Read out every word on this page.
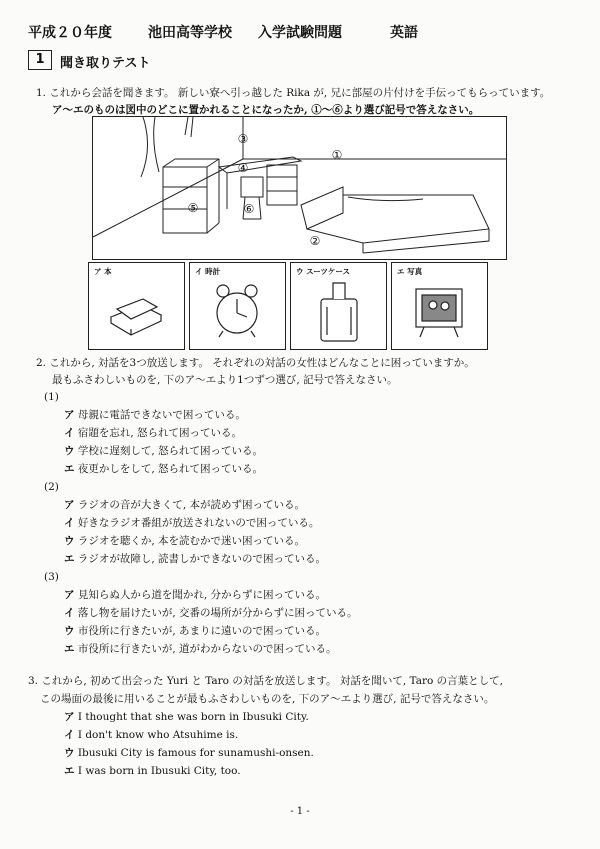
平成２０年度	池田高等学校 入学試験問題	英語
1	聞き取りテスト
1. これから会話を聞きます。 新しい寮へ引っ越した Rika が, 兄に部屋の片付けを手伝ってもらっています。
ア～エのものは図中のどこに置かれることになったか, ①～⑥より選び記号で答えなさい。
①
②
③
④
⑤	⑥
ア 本	イ 時計	ウ スーツケース	エ 写真
2. これから, 対話を3つ放送します。 それぞれの対話の女性はどんなことに困っていますか。
最もふさわしいものを, 下のア～エより1つずつ選び, 記号で答えなさい。
(1)
ア 母親に電話できないで困っている。
イ 宿題を忘れ, 怒られて困っている。
ウ 学校に遅刻して, 怒られて困っている。
エ 夜更かしをして, 怒られて困っている。
(2)
ア ラジオの音が大きくて, 本が読めず困っている。
イ 好きなラジオ番組が放送されないので困っている。
ウ ラジオを聴くか, 本を読むかで迷い困っている。
エ ラジオが故障し, 読書しかできないので困っている。
(3)
ア 見知らぬ人から道を聞かれ, 分からずに困っている。
イ 落し物を届けたいが, 交番の場所が分からずに困っている。
ウ 市役所に行きたいが, あまりに遠いので困っている。
エ 市役所に行きたいが, 道がわからないので困っている。
3. これから, 初めて出会った Yuri と Taro の対話を放送します。 対話を聞いて, Taro の言葉として,
この場面の最後に用いることが最もふさわしいものを, 下のア～エより選び, 記号で答えなさい。
ア I thought that she was born in Ibusuki City.
イ I don't know who Atsuhime is.
ウ Ibusuki City is famous for sunamushi-onsen.
エ I was born in Ibusuki City, too.
- 1 -
